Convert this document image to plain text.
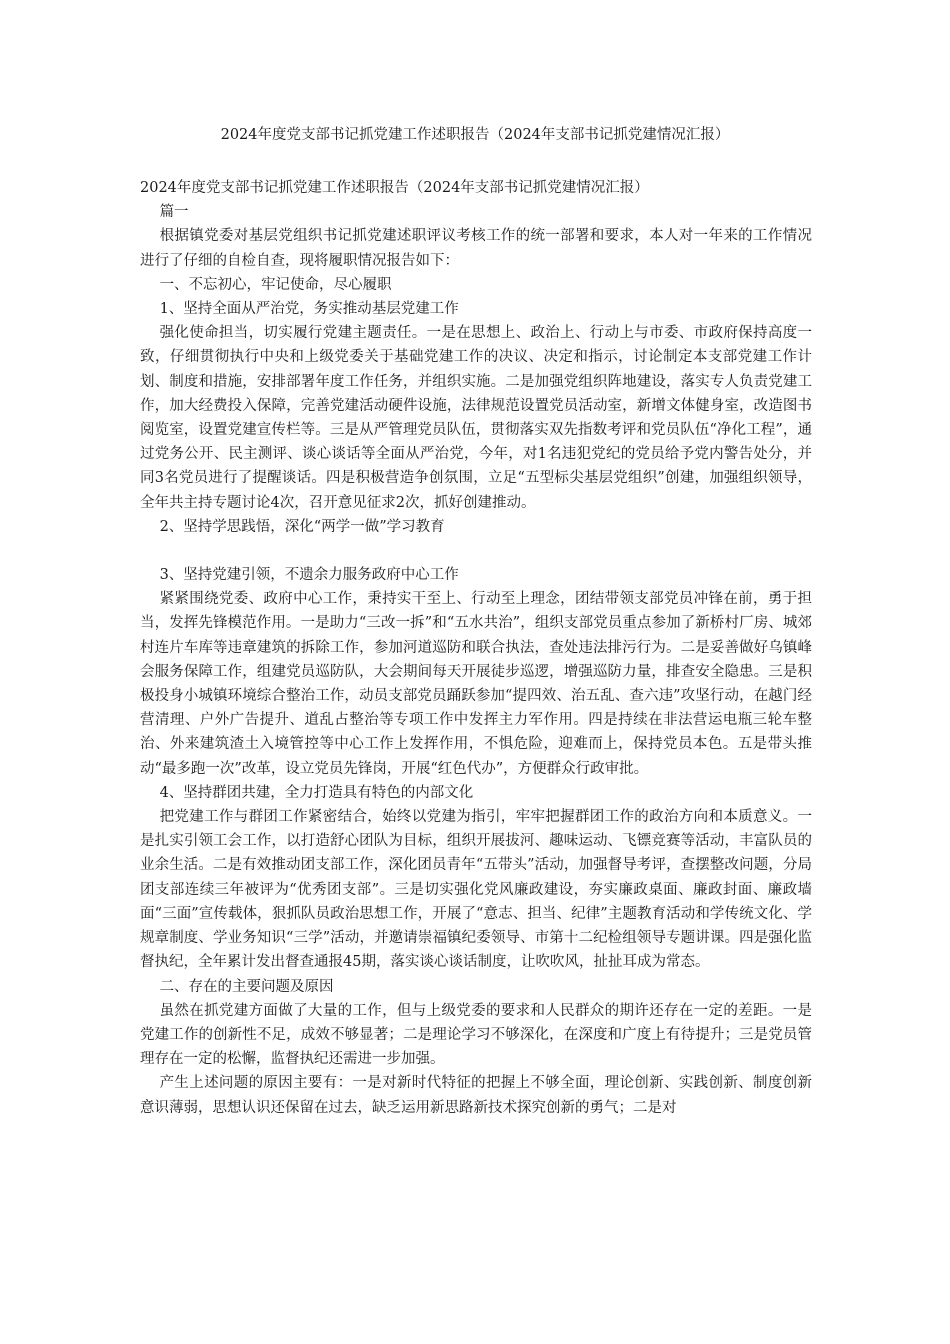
2024年度党支部书记抓党建工作述职报告（2024年支部书记抓党建情况汇报）

2024年度党支部书记抓党建工作述职报告（2024年支部书记抓党建情况汇报）

篇一

根据镇党委对基层党组织书记抓党建述职评议考核工作的统一部署和要求，本人对一年来的工作情况进行了仔细的自检自查，现将履职情况报告如下：

一、不忘初心，牢记使命，尽心履职

1、坚持全面从严治党，务实推动基层党建工作

强化使命担当，切实履行党建主题责任。一是在思想上、政治上、行动上与市委、市政府保持高度一致，仔细贯彻执行中央和上级党委关于基础党建工作的决议、决定和指示，讨论制定本支部党建工作计划、制度和措施，安排部署年度工作任务，并组织实施。二是加强党组织阵地建设，落实专人负责党建工作，加大经费投入保障，完善党建活动硬件设施，法律规范设置党员活动室，新增文体健身室，改造图书阅览室，设置党建宣传栏等。三是从严管理党员队伍，贯彻落实双先指数考评和党员队伍“净化工程”，通过党务公开、民主测评、谈心谈话等全面从严治党，今年，对1名违犯党纪的党员给予党内警告处分，并同3名党员进行了提醒谈话。四是积极营造争创氛围，立足“五型标尖基层党组织”创建，加强组织领导，全年共主持专题讨论4次，召开意见征求2次，抓好创建推动。

2、坚持学思践悟，深化“两学一做”学习教育

3、坚持党建引领，不遗余力服务政府中心工作

紧紧围绕党委、政府中心工作，秉持实干至上、行动至上理念，团结带领支部党员冲锋在前，勇于担当，发挥先锋模范作用。一是助力“三改一拆”和“五水共治”，组织支部党员重点参加了新桥村厂房、城郊村连片车库等违章建筑的拆除工作，参加河道巡防和联合执法，查处违法排污行为。二是妥善做好乌镇峰会服务保障工作，组建党员巡防队，大会期间每天开展徒步巡逻，增强巡防力量，排查安全隐患。三是积极投身小城镇环境综合整治工作，动员支部党员踊跃参加“提四效、治五乱、查六违”攻坚行动，在越门经营清理、户外广告提升、道乱占整治等专项工作中发挥主力军作用。四是持续在非法营运电瓶三轮车整治、外来建筑渣土入境管控等中心工作上发挥作用，不惧危险，迎难而上，保持党员本色。五是带头推动“最多跑一次”改革，设立党员先锋岗，开展“红色代办”，方便群众行政审批。

4、坚持群团共建，全力打造具有特色的内部文化

把党建工作与群团工作紧密结合，始终以党建为指引，牢牢把握群团工作的政治方向和本质意义。一是扎实引领工会工作，以打造舒心团队为目标，组织开展拔河、趣味运动、飞镖竞赛等活动，丰富队员的业余生活。二是有效推动团支部工作，深化团员青年“五带头”活动，加强督导考评，查摆整改问题，分局团支部连续三年被评为“优秀团支部”。三是切实强化党风廉政建设，夯实廉政桌面、廉政封面、廉政墙面“三面”宣传载体，狠抓队员政治思想工作，开展了“意志、担当、纪律”主题教育活动和学传统文化、学规章制度、学业务知识“三学”活动，并邀请崇福镇纪委领导、市第十二纪检组领导专题讲课。四是强化监督执纪，全年累计发出督查通报45期，落实谈心谈话制度，让吹吹风，扯扯耳成为常态。

二、存在的主要问题及原因

虽然在抓党建方面做了大量的工作，但与上级党委的要求和人民群众的期许还存在一定的差距。一是党建工作的创新性不足，成效不够显著；二是理论学习不够深化，在深度和广度上有待提升；三是党员管理存在一定的松懈，监督执纪还需进一步加强。

产生上述问题的原因主要有：一是对新时代特征的把握上不够全面，理论创新、实践创新、制度创新意识薄弱，思想认识还保留在过去，缺乏运用新思路新技术探究创新的勇气；二是对
